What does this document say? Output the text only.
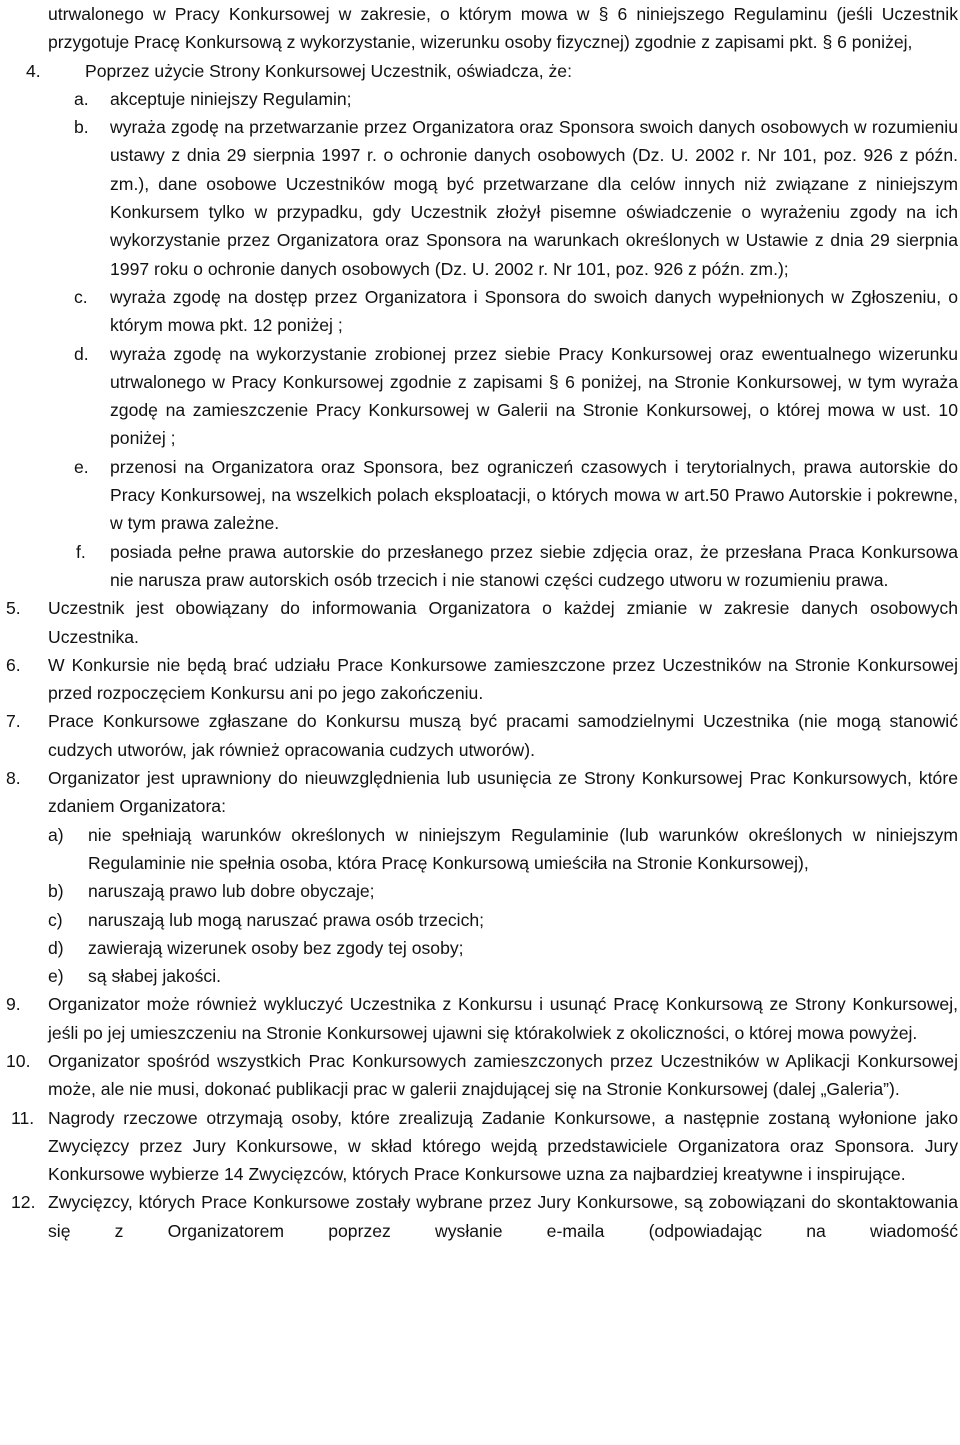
utrwalonego w Pracy Konkursowej w zakresie, o którym mowa w § 6 niniejszego Regulaminu (jeśli Uczestnik przygotuje Pracę Konkursową z wykorzystanie, wizerunku osoby fizycznej) zgodnie z zapisami pkt. § 6 poniżej,
4.	Poprzez użycie Strony Konkursowej Uczestnik, oświadcza, że:
a. akceptuje niniejszy Regulamin;
b. wyraża zgodę na przetwarzanie przez Organizatora oraz Sponsora swoich danych osobowych w rozumieniu ustawy z dnia 29 sierpnia 1997 r. o ochronie danych osobowych (Dz. U. 2002 r. Nr 101, poz. 926 z późn. zm.), dane osobowe Uczestników mogą być przetwarzane dla celów innych niż związane z niniejszym Konkursem tylko w przypadku, gdy Uczestnik złożył pisemne oświadczenie o wyrażeniu zgody na ich wykorzystanie przez Organizatora oraz Sponsora na warunkach określonych w Ustawie z dnia 29 sierpnia 1997 roku o ochronie danych osobowych (Dz. U. 2002 r. Nr 101, poz. 926 z późn. zm.);
c. wyraża zgodę na dostęp przez Organizatora i Sponsora do swoich danych wypełnionych w Zgłoszeniu, o którym mowa pkt. 12 poniżej ;
d. wyraża zgodę na wykorzystanie zrobionej przez siebie Pracy Konkursowej oraz ewentualnego wizerunku utrwalonego w Pracy Konkursowej zgodnie z zapisami § 6 poniżej, na Stronie Konkursowej, w tym wyraża zgodę na zamieszczenie Pracy Konkursowej w Galerii na Stronie Konkursowej, o której mowa w ust. 10 poniżej ;
e. przenosi na Organizatora oraz Sponsora, bez ograniczeń czasowych i terytorialnych, prawa autorskie do Pracy Konkursowej, na wszelkich polach eksploatacji, o których mowa w art.50 Prawo Autorskie i pokrewne, w tym prawa zależne.
f. posiada pełne prawa autorskie do przesłanego przez siebie zdjęcia oraz, że przesłana Praca Konkursowa nie narusza praw autorskich osób trzecich i nie stanowi części cudzego utworu w rozumieniu prawa.
5. Uczestnik jest obowiązany do informowania Organizatora o każdej zmianie w zakresie danych osobowych Uczestnika.
6. W Konkursie nie będą brać udziału Prace Konkursowe zamieszczone przez Uczestników na Stronie Konkursowej przed rozpoczęciem Konkursu ani po jego zakończeniu.
7. Prace Konkursowe zgłaszane do Konkursu muszą być pracami samodzielnymi Uczestnika (nie mogą stanowić cudzych utworów, jak również opracowania cudzych utworów).
8. Organizator jest uprawniony do nieuwzględnienia lub usunięcia ze Strony Konkursowej Prac Konkursowych, które zdaniem Organizatora:
a) nie spełniają warunków określonych w niniejszym Regulaminie (lub warunków określonych w niniejszym Regulaminie nie spełnia osoba, która Pracę Konkursową umieściła na Stronie Konkursowej),
b) naruszają prawo lub dobre obyczaje;
c) naruszają lub mogą naruszać prawa osób trzecich;
d) zawierają wizerunek osoby bez zgody tej osoby;
e) są słabej jakości.
9. Organizator może również wykluczyć Uczestnika z Konkursu i usunąć Pracę Konkursową ze Strony Konkursowej, jeśli po jej umieszczeniu na Stronie Konkursowej ujawni się którakolwiek z okoliczności, o której mowa powyżej.
10. Organizator spośród wszystkich Prac Konkursowych zamieszczonych przez Uczestników w Aplikacji Konkursowej może, ale nie musi, dokonać publikacji prac w galerii znajdującej się na Stronie Konkursowej (dalej „Galeria”).
11. Nagrody rzeczowe otrzymają osoby, które zrealizują Zadanie Konkursowe, a następnie zostaną wyłonione jako Zwycięzcy przez Jury Konkursowe, w skład którego wejdą przedstawiciele Organizatora oraz Sponsora. Jury Konkursowe wybierze 14 Zwycięzców, których Prace Konkursowe uzna za najbardziej kreatywne i inspirujące.
12. Zwycięzcy, których Prace Konkursowe zostały wybrane przez Jury Konkursowe, są zobowiązani do skontaktowania się z Organizatorem poprzez wysłanie e-maila (odpowiadając na wiadomość
